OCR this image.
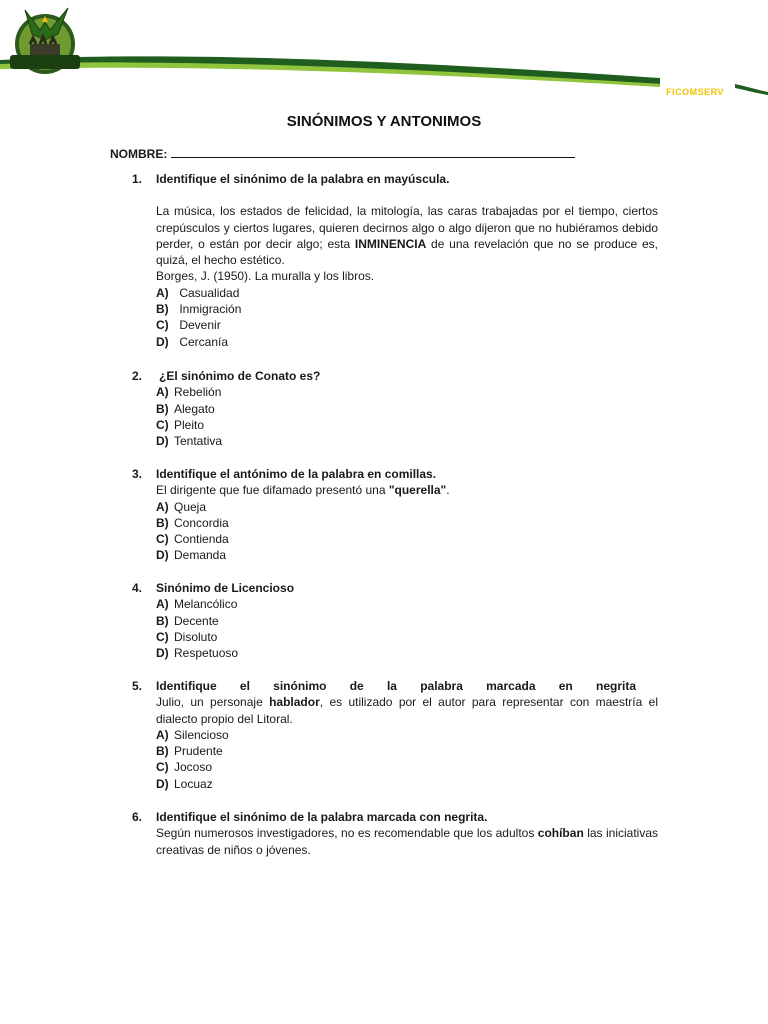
FICOMSERV
SINÓNIMOS Y ANTONIMOS
NOMBRE:
1. Identifique el sinónimo de la palabra en mayúscula.
La música, los estados de felicidad, la mitología, las caras trabajadas por el tiempo, ciertos crepúsculos y ciertos lugares, quieren decirnos algo o algo dijeron que no hubiéramos debido perder, o están por decir algo; esta INMINENCIA de una revelación que no se produce es, quizá, el hecho estético.
Borges, J. (1950). La muralla y los libros.
A) Casualidad
B) Inmigración
C) Devenir
D) Cercanía
2. ¿El sinónimo de Conato es?
A) Rebelión
B) Alegato
C) Pleito
D) Tentativa
3. Identifique el antónimo de la palabra en comillas.
El dirigente que fue difamado presentó una "querella".
A) Queja
B) Concordia
C) Contienda
D) Demanda
4. Sinónimo de Licencioso
A) Melancólico
B) Decente
C) Disoluto
D) Respetuoso
5. Identifique el sinónimo de la palabra marcada en negrita
Julio, un personaje hablador, es utilizado por el autor para representar con maestría el dialecto propio del Litoral.
A) Silencioso
B) Prudente
C) Jocoso
D) Locuaz
6. Identifique el sinónimo de la palabra marcada con negrita.
Según numerosos investigadores, no es recomendable que los adultos cohíban las iniciativas creativas de niños o jóvenes.
